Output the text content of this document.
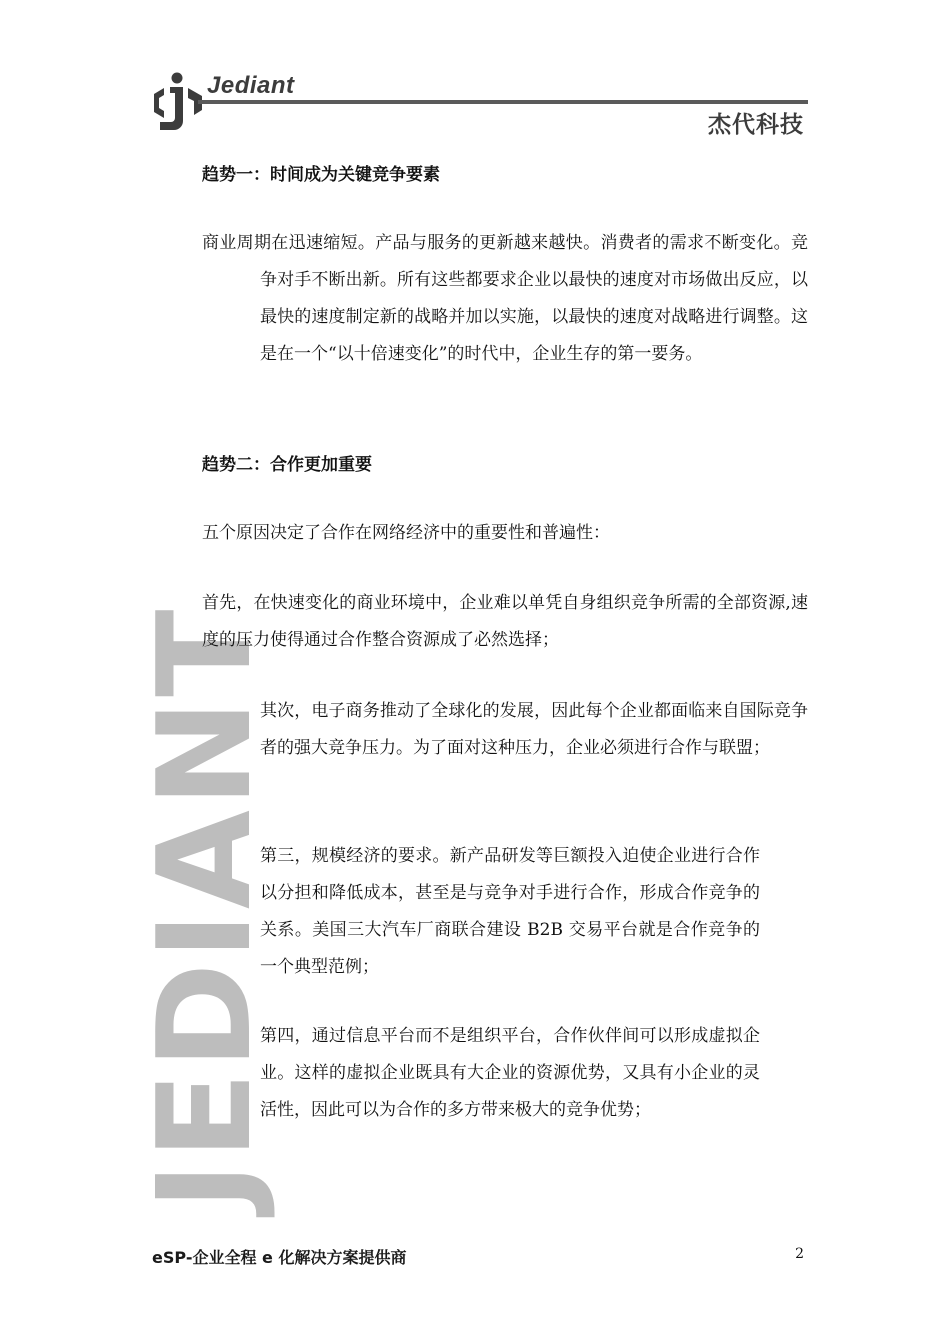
Jediant
杰代科技
JEDIANT
趋势一：时间成为关键竞争要素

商业周期在迅速缩短。产品与服务的更新越来越快。消费者的需求不断变化。竞争对手不断出新。所有这些都要求企业以最快的速度对市场做出反应，以最快的速度制定新的战略并加以实施，以最快的速度对战略进行调整。这是在一个“以十倍速变化”的时代中，企业生存的第一要务。

趋势二：合作更加重要

五个原因决定了合作在网络经济中的重要性和普遍性：

首先，在快速变化的商业环境中，企业难以单凭自身组织竞争所需的全部资源,速度的压力使得通过合作整合资源成了必然选择；

其次，电子商务推动了全球化的发展，因此每个企业都面临来自国际竞争者的强大竞争压力。为了面对这种压力，企业必须进行合作与联盟；

第三，规模经济的要求。新产品研发等巨额投入迫使企业进行合作以分担和降低成本，甚至是与竞争对手进行合作，形成合作竞争的关系。美国三大汽车厂商联合建设 B2B 交易平台就是合作竞争的一个典型范例；

第四，通过信息平台而不是组织平台，合作伙伴间可以形成虚拟企业。这样的虚拟企业既具有大企业的资源优势，又具有小企业的灵活性，因此可以为合作的多方带来极大的竞争优势；

eSP-企业全程 e 化解决方案提供商	2
